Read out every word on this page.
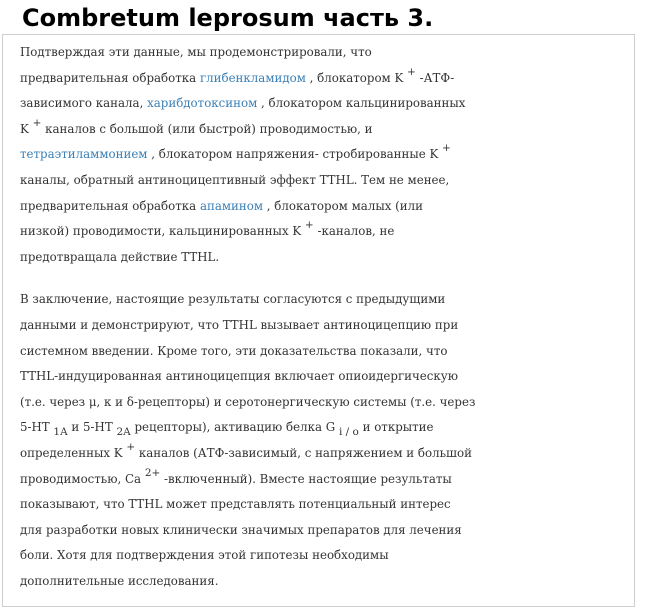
Combretum leprosum часть 3.

Подтверждая эти данные, мы продемонстрировали, что
предварительная обработка глибенкламидом , блокатором K + -АТФ-
зависимого канала, харибдотоксином , блокатором кальцинированных
K + каналов с большой (или быстрой) проводимостью, и
тетраэтиламмонием , блокатором напряжения- стробированные K +
каналы, обратный антиноцицептивный эффект TTHL. Тем не менее,
предварительная обработка апамином , блокатором малых (или
низкой) проводимости, кальцинированных K + -каналов, не
предотвращала действие TTHL.

В заключение, настоящие результаты согласуются с предыдущими
данными и демонстрируют, что TTHL вызывает антиноцицепцию при
системном введении. Кроме того, эти доказательства показали, что
TTHL-индуцированная антиноцицепция включает опиоидергическую
(т.е. через μ, κ и δ-рецепторы) и серотонергическую системы (т.е. через
5-HT $_{1A}$ и 5-HT $_{2A}$ рецепторы), активацию белка G $_{i / o}$ и открытие
определенных K + каналов (АТФ-зависимый, с напряжением и большой
проводимостью, Ca $^{2+}$ -включенный). Вместе настоящие результаты
показывают, что TTHL может представлять потенциальный интерес
для разработки новых клинически значимых препаратов для лечения
боли. Хотя для подтверждения этой гипотезы необходимы
дополнительные исследования.
